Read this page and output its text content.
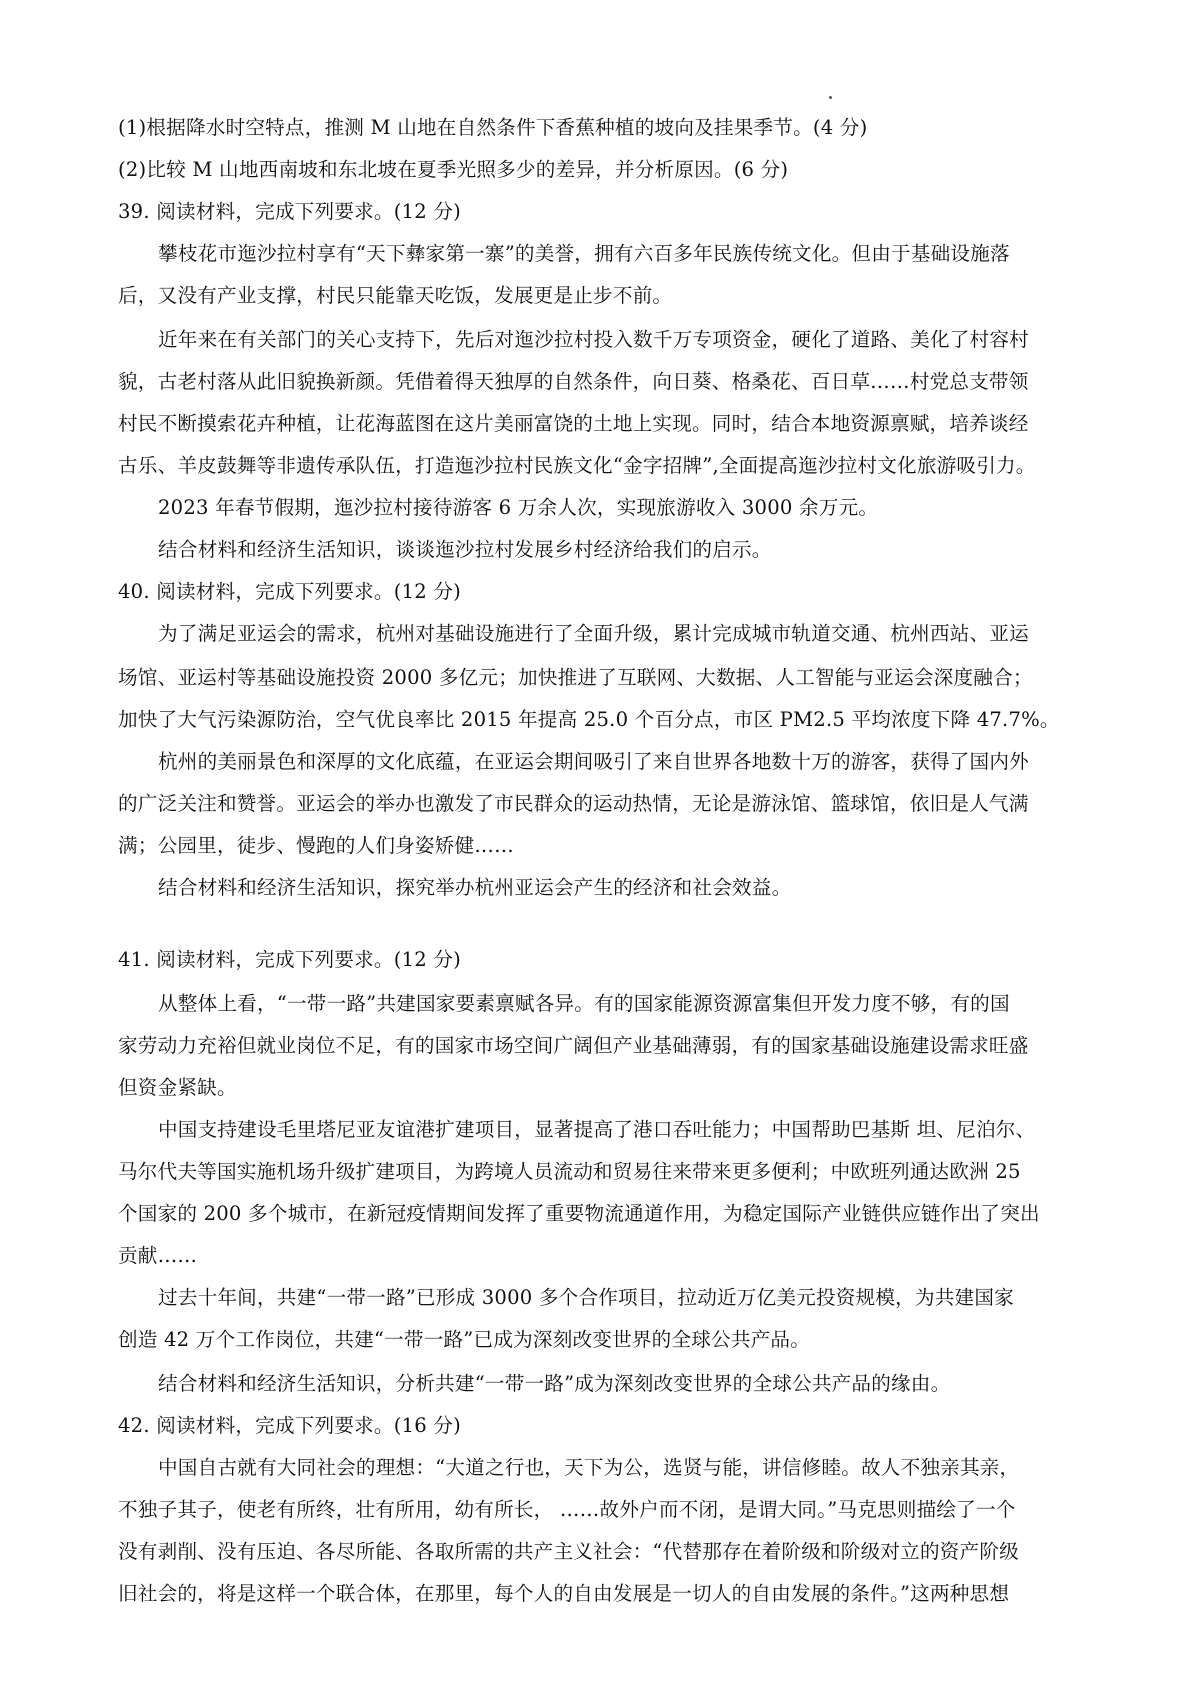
(1)根据降水时空特点，推测 M 山地在自然条件下香蕉种植的坡向及挂果季节。(4 分)
(2)比较 M 山地西南坡和东北坡在夏季光照多少的差异，并分析原因。(6 分)
39. 阅读材料，完成下列要求。(12 分)
攀枝花市迤沙拉村享有“天下彝家第一寨”的美誉，拥有六百多年民族传统文化。但由于基础设施落
后，又没有产业支撑，村民只能靠天吃饭，发展更是止步不前。
近年来在有关部门的关心支持下，先后对迤沙拉村投入数千万专项资金，硬化了道路、美化了村容村
貌，古老村落从此旧貌换新颜。凭借着得天独厚的自然条件，向日葵、格桑花、百日草……村党总支带领
村民不断摸索花卉种植，让花海蓝图在这片美丽富饶的土地上实现。同时，结合本地资源禀赋，培养谈经
古乐、羊皮鼓舞等非遗传承队伍，打造迤沙拉村民族文化“金字招牌”,全面提高迤沙拉村文化旅游吸引力。
2023 年春节假期，迤沙拉村接待游客 6 万余人次，实现旅游收入 3000 余万元。
结合材料和经济生活知识，谈谈迤沙拉村发展乡村经济给我们的启示。
40. 阅读材料，完成下列要求。(12 分)
为了满足亚运会的需求，杭州对基础设施进行了全面升级，累计完成城市轨道交通、杭州西站、亚运
场馆、亚运村等基础设施投资 2000 多亿元；加快推进了互联网、大数据、人工智能与亚运会深度融合；
加快了大气污染源防治，空气优良率比 2015 年提高 25.0 个百分点，市区 PM2.5 平均浓度下降 47.7%。
杭州的美丽景色和深厚的文化底蕴，在亚运会期间吸引了来自世界各地数十万的游客，获得了国内外
的广泛关注和赞誉。亚运会的举办也激发了市民群众的运动热情，无论是游泳馆、篮球馆，依旧是人气满
满；公园里，徒步、慢跑的人们身姿矫健……
结合材料和经济生活知识，探究举办杭州亚运会产生的经济和社会效益。
41. 阅读材料，完成下列要求。(12 分)
从整体上看，“一带一路”共建国家要素禀赋各异。有的国家能源资源富集但开发力度不够，有的国
家劳动力充裕但就业岗位不足，有的国家市场空间广阔但产业基础薄弱，有的国家基础设施建设需求旺盛
但资金紧缺。
中国支持建设毛里塔尼亚友谊港扩建项目，显著提高了港口吞吐能力；中国帮助巴基斯 坦、尼泊尔、
马尔代夫等国实施机场升级扩建项目，为跨境人员流动和贸易往来带来更多便利；中欧班列通达欧洲 25
个国家的 200 多个城市，在新冠疫情期间发挥了重要物流通道作用，为稳定国际产业链供应链作出了突出
贡献……
过去十年间，共建“一带一路”已形成 3000 多个合作项目，拉动近万亿美元投资规模，为共建国家
创造 42 万个工作岗位，共建“一带一路”已成为深刻改变世界的全球公共产品。
结合材料和经济生活知识，分析共建“一带一路”成为深刻改变世界的全球公共产品的缘由。
42. 阅读材料，完成下列要求。(16 分)
中国自古就有大同社会的理想：“大道之行也，天下为公，选贤与能，讲信修睦。故人不独亲其亲，
不独子其子，使老有所终，壮有所用，幼有所长， ……故外户而不闭，是谓大同。”马克思则描绘了一个
没有剥削、没有压迫、各尽所能、各取所需的共产主义社会：“代替那存在着阶级和阶级对立的资产阶级
旧社会的，将是这样一个联合体，在那里，每个人的自由发展是一切人的自由发展的条件。”这两种思想
